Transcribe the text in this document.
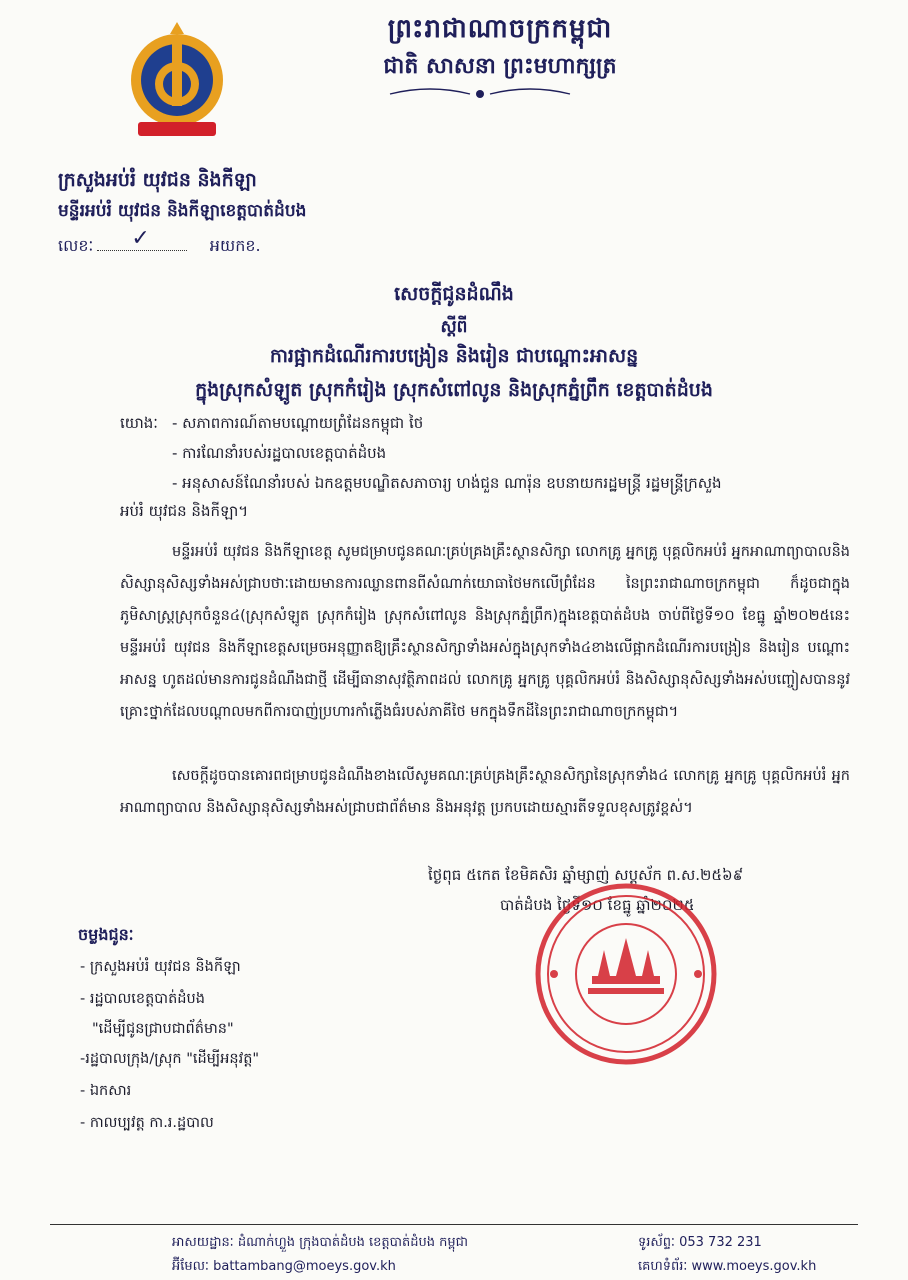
ព្រះរាជាណាចក្រកម្ពុជា
ជាតិ សាសនា ព្រះមហាក្សត្រ
ក្រសួងអប់រំ យុវជន និងកីឡា
មន្ទីរអប់រំ យុវជន និងកីឡាខេត្តបាត់ដំបង
លេខៈ ✓	អយកខ.
សេចក្តីជូនដំណឹង
ស្តីពី
ការផ្អាកដំណើរការបង្រៀន និងរៀន ជាបណ្តោះអាសន្ន
ក្នុងស្រុកសំឡូត ស្រុកកំរៀង ស្រុកសំពៅលូន និងស្រុកភ្នំព្រឹក ខេត្តបាត់ដំបង
យោងៈ - សភាពការណ៍តាមបណ្តោយព្រំដែនកម្ពុជា ថៃ
- ការណែនាំរបស់រដ្ឋបាលខេត្តបាត់ដំបង
- អនុសាសន៍ណែនាំរបស់ ឯកឧត្តមបណ្ឌិតសភាចារ្យ ហង់ជួន ណារ៉ុន ឧបនាយករដ្ឋមន្ត្រី រដ្ឋមន្ត្រីក្រសួង
អប់រំ យុវជន និងកីឡា។
មន្ទីរអប់រំ យុវជន និងកីឡាខេត្ត សូមជម្រាបជូនគណៈគ្រប់គ្រងគ្រឹះស្ថានសិក្សា លោកគ្រូ អ្នកគ្រូ បុគ្គលិកអប់រំ អ្នកអាណាព្យាបាលនិងសិស្សានុសិស្សទាំងអស់ជ្រាបថាៈដោយមានការឈ្លានពានពីសំណាក់យោធាថៃមកលើព្រំដែន នៃព្រះរាជាណាចក្រកម្ពុជា ក៏ដូចជាក្នុងភូមិសាស្ត្រស្រុកចំនួន៤(ស្រុកសំឡូត ស្រុកកំរៀង ស្រុកសំពៅលូន និងស្រុកភ្នំព្រឹក)ក្នុងខេត្តបាត់ដំបង ចាប់ពីថ្ងៃទី១០ ខែធ្នូ ឆ្នាំ២០២៥នេះ មន្ទីរអប់រំ យុវជន និងកីឡាខេត្តសម្រេចអនុញ្ញាតឱ្យគ្រឹះស្ថានសិក្សាទាំងអស់ក្នុងស្រុកទាំង៤ខាងលើផ្អាកដំណើរការបង្រៀន និងរៀន បណ្តោះអាសន្ន ហូតដល់មានការជូនដំណឹងជាថ្មី ដើម្បីធានាសុវត្ថិភាពដល់ លោកគ្រូ អ្នកគ្រូ បុគ្គលិកអប់រំ និងសិស្សានុសិស្សទាំងអស់បញ្ចៀសបាននូវគ្រោះថ្នាក់ដែលបណ្តាលមកពីការបាញ់ប្រហារកាំភ្លើងធំរបស់ភាគីថៃ មកក្នុងទឹកដីនៃព្រះរាជាណាចក្រកម្ពុជា។
សេចក្តីដូចបានគោរពជម្រាបជូនដំណឹងខាងលើសូមគណៈគ្រប់គ្រងគ្រឹះស្ថានសិក្សានៃស្រុកទាំង៤ លោកគ្រូ អ្នកគ្រូ បុគ្គលិកអប់រំ អ្នកអាណាព្យាបាល និងសិស្សានុសិស្សទាំងអស់ជ្រាបជាព័ត៌មាន និងអនុវត្ត ប្រកបដោយស្មារតីទទួលខុសត្រូវខ្ពស់។
ថ្ងៃពុធ ៥កេត ខែមិគសិរ ឆ្នាំម្សាញ់ សប្តស័ក ព.ស.២៥៦៩
បាត់ដំបង ថ្ងៃទី១០ ខែធ្នូ ឆ្នាំ២០២៥
ចម្លងជូនៈ
- ក្រសួងអប់រំ យុវជន និងកីឡា
- រដ្ឋបាលខេត្តបាត់ដំបង
"ដើម្បីជូនជ្រាបជាព័ត៌មាន"
-រដ្ឋបាលក្រុង/ស្រុក "ដើម្បីអនុវត្ត"
- ឯកសារ
- កាលប្បវត្ត កា.រ.ដ្ឋបាល
អាសយដ្ឋានៈ ដំណាក់ហ្លួង ក្រុងបាត់ដំបង ខេត្តបាត់ដំបង កម្ពុជា
អ៊ីមែលៈ battambang@moeys.gov.kh
ទូរស័ព្ទៈ 053 732 231
គេហទំព័រៈ www.moeys.gov.kh
